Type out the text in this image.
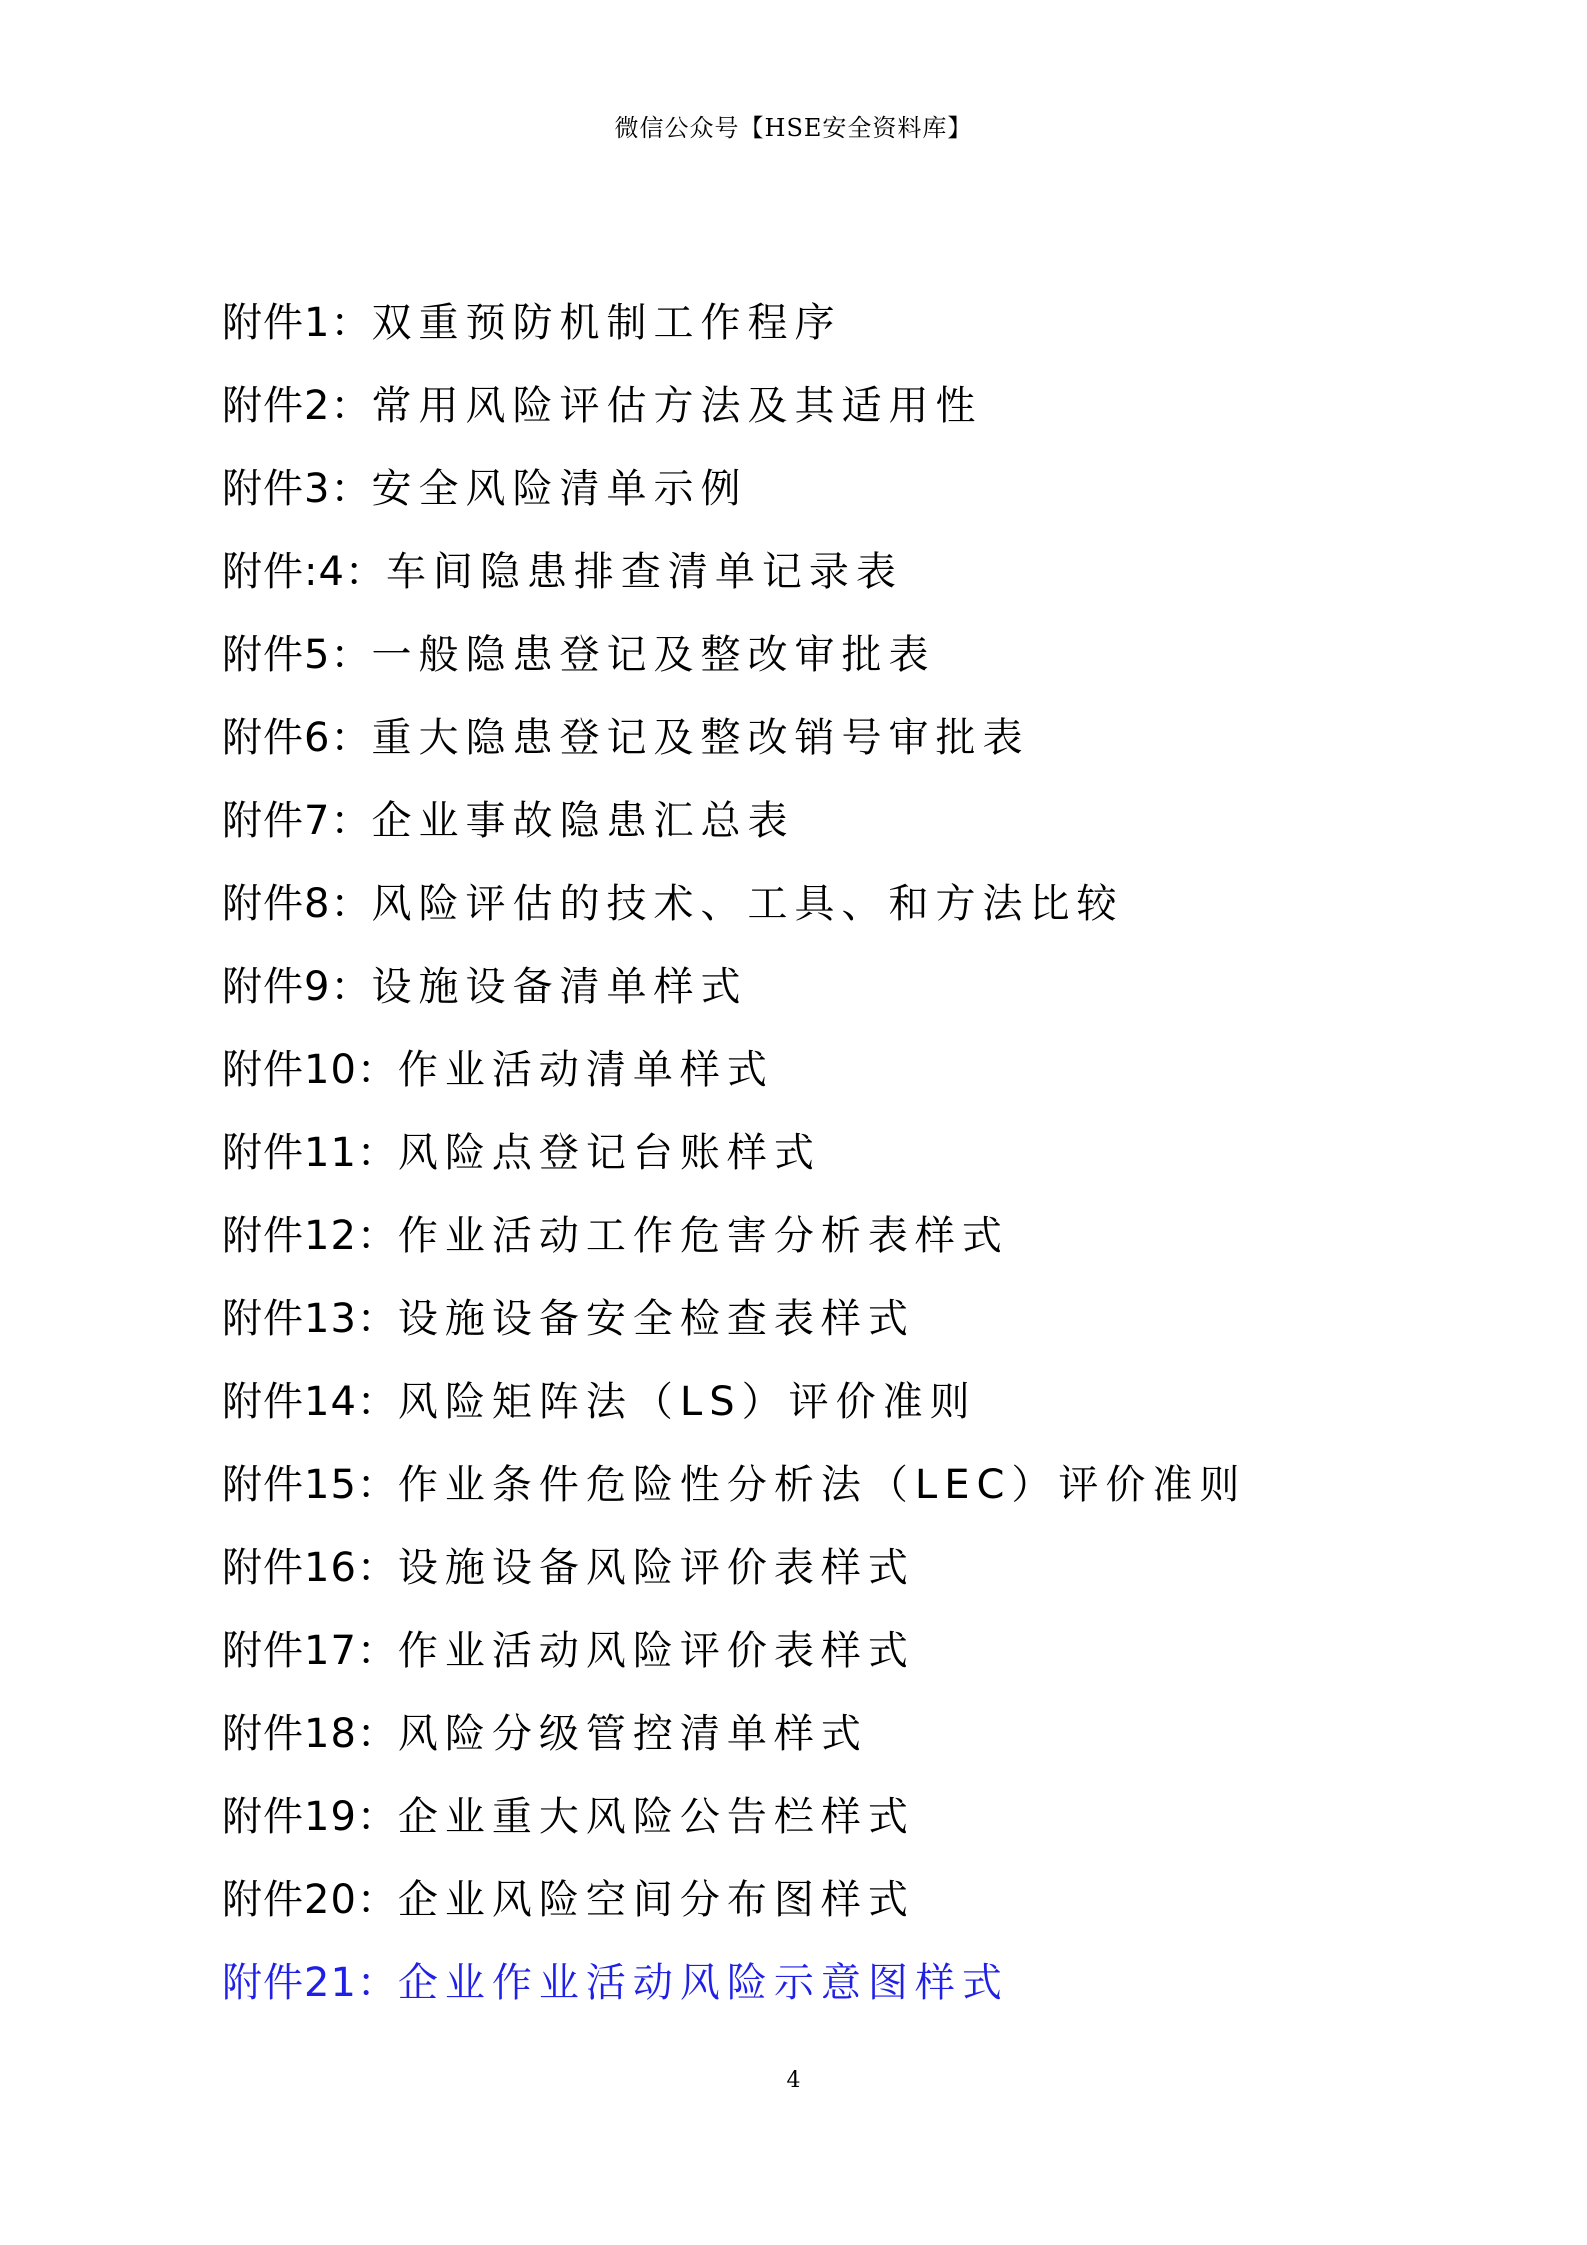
微信公众号【HSE安全资料库】
附件1：双重预防机制工作程序
附件2：常用风险评估方法及其适用性
附件3：安全风险清单示例
附件:4：车间隐患排查清单记录表
附件5：一般隐患登记及整改审批表
附件6：重大隐患登记及整改销号审批表
附件7：企业事故隐患汇总表
附件8：风险评估的技术、工具、和方法比较
附件9：设施设备清单样式
附件10：作业活动清单样式
附件11：风险点登记台账样式
附件12：作业活动工作危害分析表样式
附件13：设施设备安全检查表样式
附件14：风险矩阵法（LS）评价准则
附件15：作业条件危险性分析法（LEC）评价准则
附件16：设施设备风险评价表样式
附件17：作业活动风险评价表样式
附件18：风险分级管控清单样式
附件19：企业重大风险公告栏样式
附件20：企业风险空间分布图样式
附件21：企业作业活动风险示意图样式
4
